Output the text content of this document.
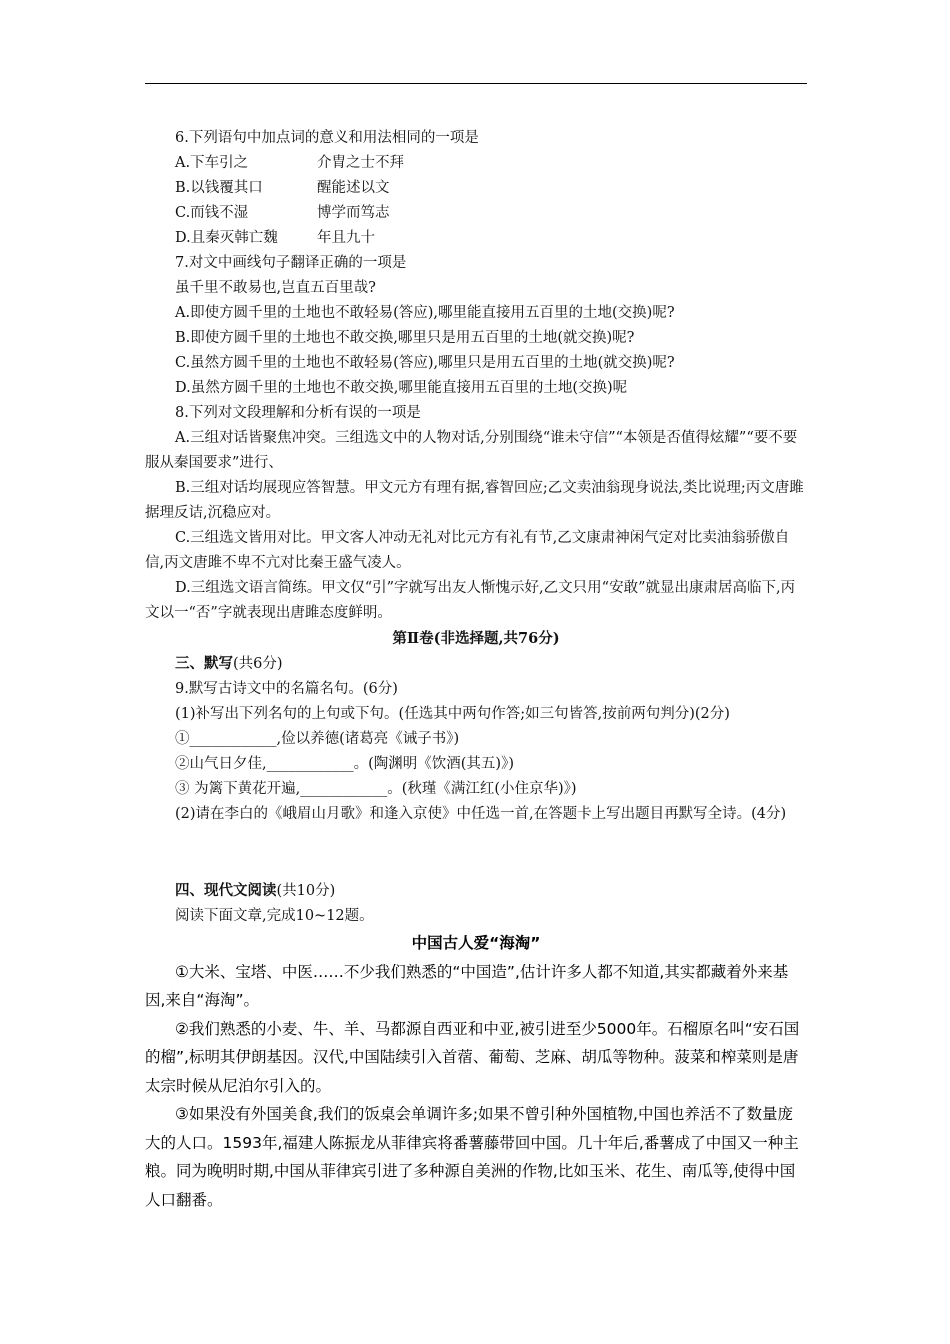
6.下列语句中加点词的意义和用法相同的一项是

A.下车引之	介胄之士不拜
B.以钱覆其口	醒能述以文
C.而钱不湿	博学而笃志
D.且秦灭韩亡魏	年且九十

7.对文中画线句子翻译正确的一项是

虽千里不敢易也,岂直五百里哉?

A.即使方圆千里的土地也不敢轻易(答应),哪里能直接用五百里的土地(交换)呢?

B.即使方圆千里的土地也不敢交换,哪里只是用五百里的土地(就交换)呢?

C.虽然方圆千里的土地也不敢轻易(答应),哪里只是用五百里的土地(就交换)呢?

D.虽然方圆千里的土地也不敢交换,哪里能直接用五百里的土地(交换)呢

8.下列对文段理解和分析有误的一项是

A.三组对话皆聚焦冲突。三组选文中的人物对话,分别围绕“谁未守信”“本领是否值得炫耀”“要不要服从秦国要求”进行、

B.三组对话均展现应答智慧。甲文元方有理有据,睿智回应;乙文卖油翁现身说法,类比说理;丙文唐雎据理反诘,沉稳应对。

C.三组选文皆用对比。甲文客人冲动无礼对比元方有礼有节,乙文康肃神闲气定对比卖油翁骄傲自信,丙文唐雎不卑不亢对比秦王盛气凌人。

D.三组选文语言简练。甲文仅“引”字就写出友人惭愧示好,乙文只用“安敢”就显出康肃居高临下,丙文以一“否”字就表现出唐雎态度鲜明。

第Ⅱ卷(非选择题,共76分)

三、默写(共6分)

9.默写古诗文中的名篇名句。(6分)

(1)补写出下列名句的上句或下句。(任选其中两句作答;如三句皆答,按前两句判分)(2分)

①____________,俭以养德(诸葛亮《诫子书》)

②山气日夕佳,____________。(陶渊明《饮酒(其五)》)

③ 为篱下黄花开遍,____________。(秋瑾《满江红(小住京华)》)

(2)请在李白的《峨眉山月歌》和逢入京使》中任选一首,在答题卡上写出题目再默写全诗。(4分)

四、现代文阅读(共10分)

阅读下面文章,完成10~12题。

中国古人爱“海淘”

①大米、宝塔、中医……不少我们熟悉的“中国造”,估计许多人都不知道,其实都藏着外来基因,来自“海淘”。

②我们熟悉的小麦、牛、羊、马都源自西亚和中亚,被引进至少5000年。石榴原名叫“安石国的榴”,标明其伊朗基因。汉代,中国陆续引入首蓿、葡萄、芝麻、胡瓜等物种。菠菜和榨菜则是唐太宗时候从尼泊尔引入的。

③如果没有外国美食,我们的饭桌会单调许多;如果不曾引种外国植物,中国也养活不了数量庞大的人口。1593年,福建人陈振龙从菲律宾将番薯藤带回中国。几十年后,番薯成了中国又一种主粮。同为晚明时期,中国从菲律宾引进了多种源自美洲的作物,比如玉米、花生、南瓜等,使得中国人口翻番。
